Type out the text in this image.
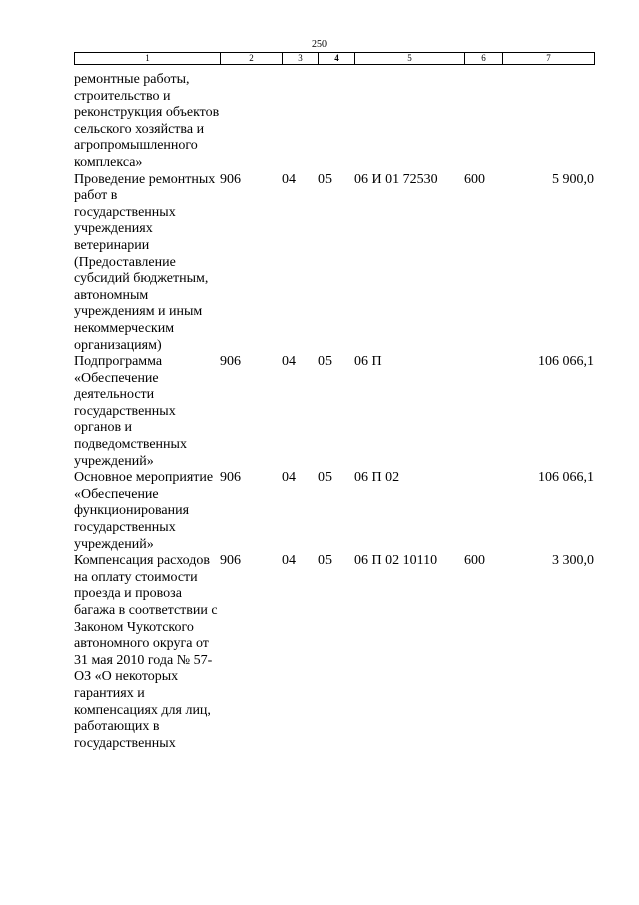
250
1	2	3	4	5	6	7
ремонтные работы, строительство и реконструкция объектов сельского хозяйства и агропромышленного комплекса»						
Проведение ремонтных работ в государственных учреждениях ветеринарии (Предоставление субсидий бюджетным, автономным учреждениям и иным некоммерческим организациям)	906	04	05	06 И 01 72530	600	5 900,0
Подпрограмма «Обеспечение деятельности государственных органов и подведомственных учреждений»	906	04	05	06 П		106 066,1
Основное мероприятие «Обеспечение функционирования государственных учреждений»	906	04	05	06 П 02		106 066,1
Компенсация расходов на оплату стоимости проезда и провоза багажа в соответствии с Законом Чукотского автономного округа от 31 мая 2010 года № 57-ОЗ «О некоторых гарантиях и компенсациях для лиц, работающих в государственных	906	04	05	06 П 02 10110	600	3 300,0
